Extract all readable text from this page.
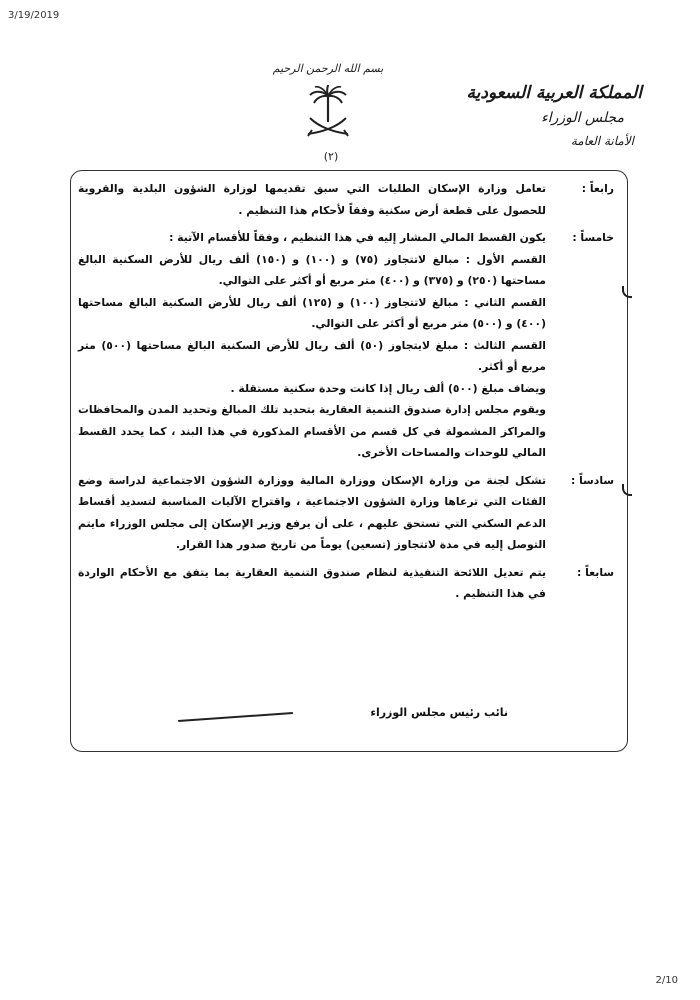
3/19/2019
بسم الله الرحمن الرحيم
(٢)
المملكة العربية السعودية
مجلس الوزراء
الأمانة العامة
رابعاً :

تعامل وزارة الإسكان الطلبات التي سبق تقديمها لوزارة الشؤون البلدية والقروية للحصول على قطعة أرض سكنية وفقاً لأحكام هذا التنظيم .

خامساً :

يكون القسط المالي المشار إليه في هذا التنظيم ، وفقاً للأقسام الآتية :

القسم الأول : مبالغ لاتتجاوز (٧٥) و (١٠٠) و (١٥٠) ألف ريال للأرض السكنية البالغ مساحتها (٢٥٠) و (٣٧٥) و (٤٠٠) متر مربع أو أكثر على التوالي.

القسم الثاني : مبالغ لاتتجاوز (١٠٠) و (١٢٥) ألف ريال للأرض السكنية البالغ مساحتها (٤٠٠) و (٥٠٠) متر مربع أو أكثر على التوالي.

القسم الثالث : مبلغ لايتجاوز (٥٠) ألف ريال للأرض السكنية البالغ مساحتها (٥٠٠) متر مربع أو أكثر.

ويضاف مبلغ (٥٠٠) ألف ريال إذا كانت وحدة سكنية مستقلة .

ويقوم مجلس إدارة صندوق التنمية العقارية بتحديد تلك المبالغ وتحديد المدن والمحافظات والمراكز المشمولة في كل قسم من الأقسام المذكورة في هذا البند ، كما يحدد القسط المالي للوحدات والمساحات الأخرى.

سادساً :

تشكل لجنة من وزارة الإسكان ووزارة المالية ووزارة الشؤون الاجتماعية لدراسة وضع الفئات التي ترعاها وزارة الشؤون الاجتماعية ، واقتراح الآليات المناسبة لتسديد أقساط الدعم السكني التي تستحق عليهم ، على أن يرفع وزير الإسكان إلى مجلس الوزراء مايتم التوصل إليه في مدة لاتتجاوز (تسعين) يوماً من تاريخ صدور هذا القرار.

سابعاً :

يتم تعديل اللائحة التنفيذية لنظام صندوق التنمية العقارية بما يتفق مع الأحكام الواردة في هذا التنظيم .

نائب رئيس مجلس الوزراء
2/10
